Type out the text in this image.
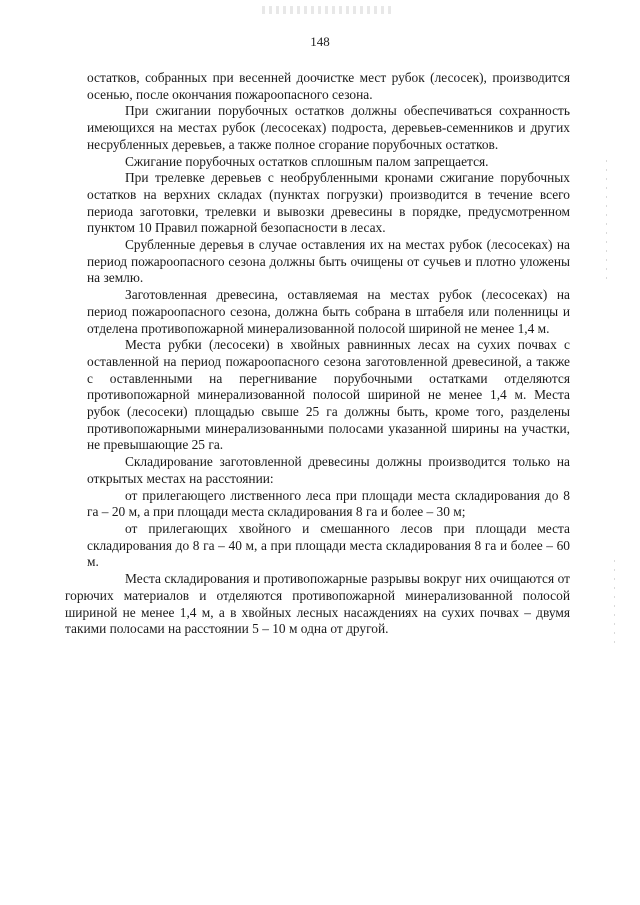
148

остатков, собранных при весенней доочистке мест рубок (лесосек), производится осенью, после окончания пожароопасного сезона.

При сжигании порубочных остатков должны обеспечиваться сохранность имеющихся на местах рубок (лесосеках) подроста, деревьев-семенников и других несрубленных деревьев, а также полное сгорание порубочных остатков.

Сжигание порубочных остатков сплошным палом запрещается.

При трелевке деревьев с необрубленными кронами сжигание порубочных остатков на верхних складах (пунктах погрузки) производится в течение всего периода заготовки, трелевки и вывозки древесины в порядке, предусмотренном пунктом 10 Правил пожарной безопасности в лесах.

Срубленные деревья в случае оставления их на местах рубок (лесосеках) на период пожароопасного сезона должны быть очищены от сучьев и плотно уложены на землю.

Заготовленная древесина, оставляемая на местах рубок (лесосеках) на период пожароопасного сезона, должна быть собрана в штабеля или поленницы и отделена противопожарной минерализованной полосой шириной не менее 1,4 м.

Места рубки (лесосеки) в хвойных равнинных лесах на сухих почвах с оставленной на период пожароопасного сезона заготовленной древесиной, а также с оставленными на перегнивание порубочными остатками отделяются противопожарной минерализованной полосой шириной не менее 1,4 м. Места рубок (лесосеки) площадью свыше 25 га должны быть, кроме того, разделены противопожарными минерализованными полосами указанной ширины на участки, не превышающие 25 га.

Складирование заготовленной древесины должны производится только на открытых местах на расстоянии:

от прилегающего лиственного леса при площади места складирования до 8 га – 20 м, а при площади места складирования 8 га и более – 30 м;

от прилегающих хвойного и смешанного лесов при площади места складирования до 8 га – 40 м, а при площади места складирования 8 га и более – 60 м.

Места складирования и противопожарные разрывы вокруг них очищаются от горючих материалов и отделяются противопожарной минерализованной полосой шириной не менее 1,4 м, а в хвойных лесных насаждениях на сухих почвах – двумя такими полосами на расстоянии 5 – 10 м одна от другой.
